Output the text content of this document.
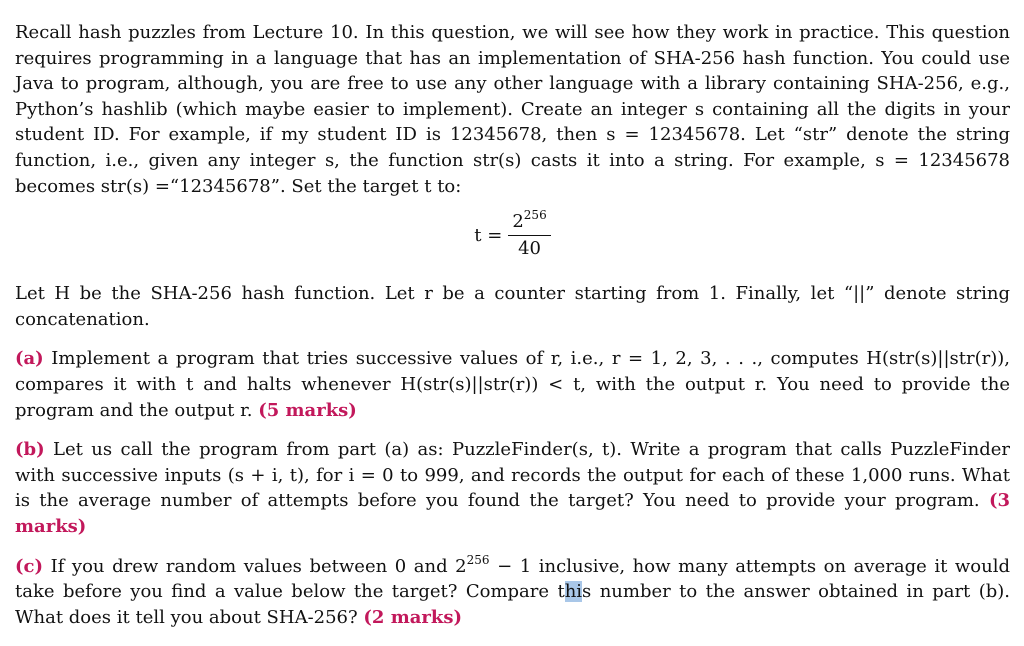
Recall hash puzzles from Lecture 10. In this question, we will see how they work in practice. This question requires programming in a language that has an implementation of SHA-256 hash function. You could use Java to program, although, you are free to use any other language with a library containing SHA-256, e.g., Python’s hashlib (which maybe easier to implement). Create an integer s containing all the digits in your student ID. For example, if my student ID is 12345678, then s = 12345678. Let “str” denote the string function, i.e., given any integer s, the function str(s) casts it into a string. For example, s = 12345678 becomes str(s) =“12345678”. Set the target t to:

$t = \frac{2^{256}}{40}$

Let H be the SHA-256 hash function. Let r be a counter starting from 1. Finally, let “||” denote string concatenation.

(a) Implement a program that tries successive values of r, i.e., r = 1, 2, 3, . . ., computes H(str(s)||str(r)), compares it with t and halts whenever H(str(s)||str(r)) < t, with the output r. You need to provide the program and the output r. (5 marks)

(b) Let us call the program from part (a) as: PuzzleFinder(s, t). Write a program that calls PuzzleFinder with successive inputs (s + i, t), for i = 0 to 999, and records the output for each of these 1,000 runs. What is the average number of attempts before you found the target? You need to provide your program. (3 marks)

(c) If you drew random values between 0 and $2^{256} - 1$ inclusive, how many attempts on average it would take before you find a value below the target? Compare this number to the answer obtained in part (b). What does it tell you about SHA-256? (2 marks)
